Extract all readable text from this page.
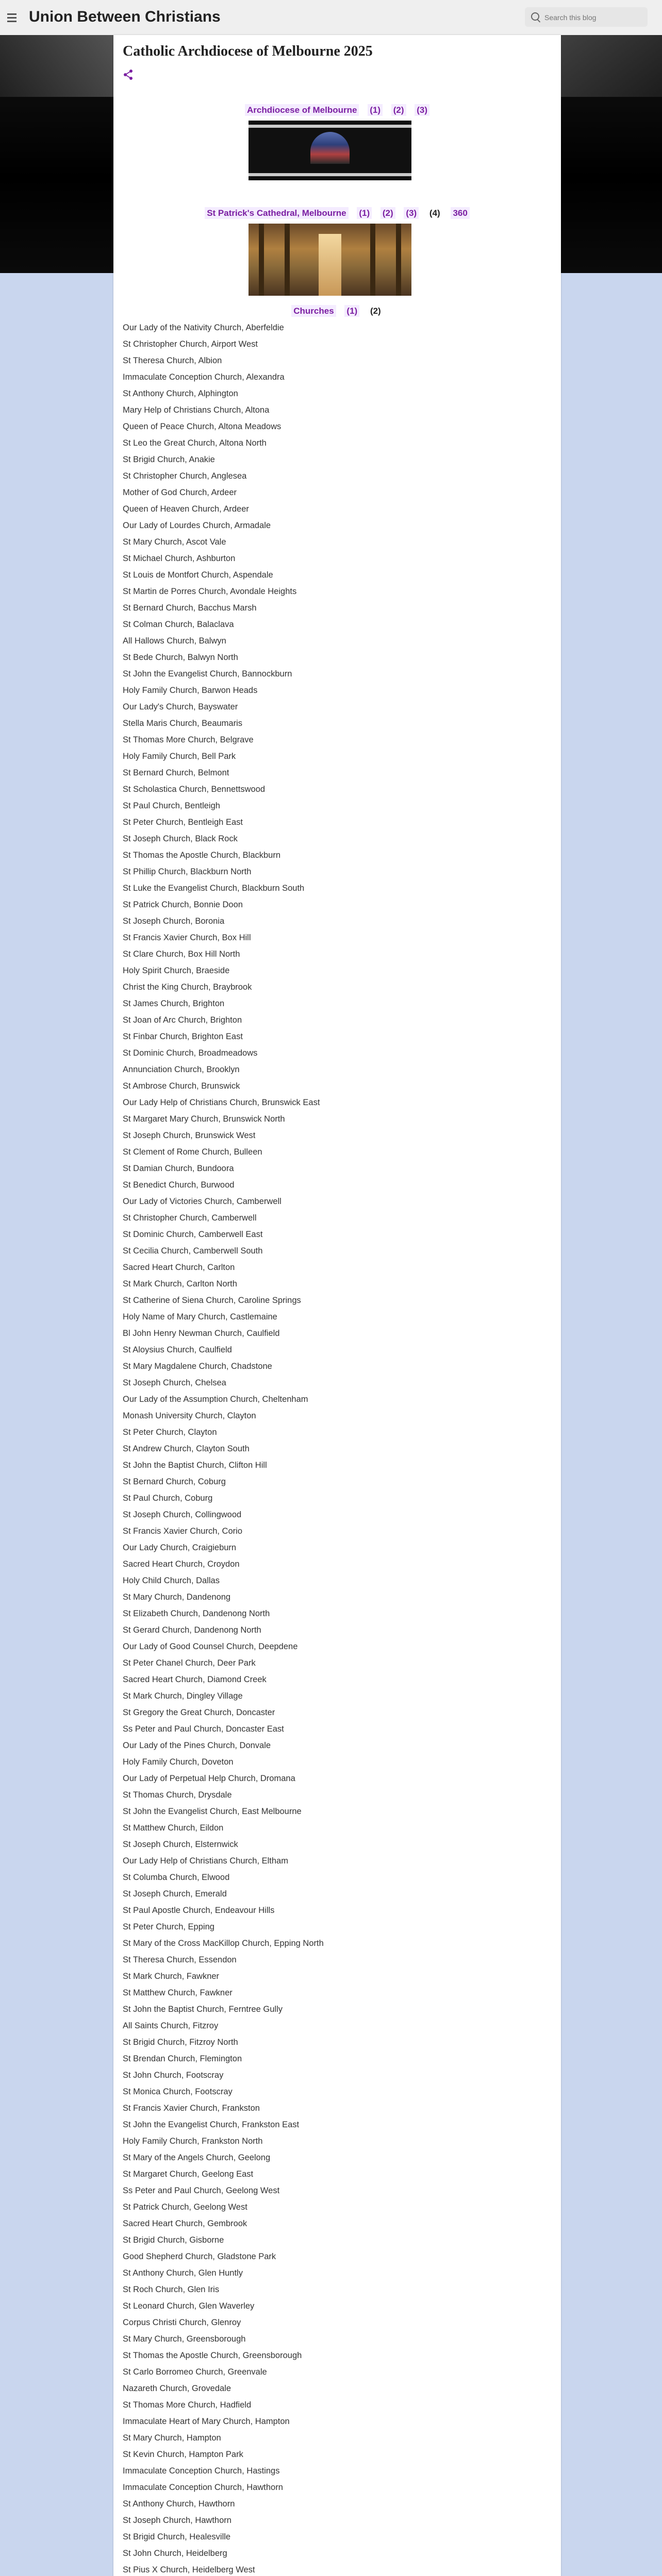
Union Between Christians
Search this blog
Catholic Archdiocese of Melbourne 2025
Archdiocese of Melbourne (1) (2) (3)
St Patrick's Cathedral, Melbourne (1) (2) (3) (4) 360
Churches (1) (2)
Our Lady of the Nativity Church, Aberfeldie
St Christopher Church, Airport West
St Theresa Church, Albion
Immaculate Conception Church, Alexandra
St Anthony Church, Alphington
Mary Help of Christians Church, Altona
Queen of Peace Church, Altona Meadows
St Leo the Great Church, Altona North
St Brigid Church, Anakie
St Christopher Church, Anglesea
Mother of God Church, Ardeer
Queen of Heaven Church, Ardeer
Our Lady of Lourdes Church, Armadale
St Mary Church, Ascot Vale
St Michael Church, Ashburton
St Louis de Montfort Church, Aspendale
St Martin de Porres Church, Avondale Heights
St Bernard Church, Bacchus Marsh
St Colman Church, Balaclava
All Hallows Church, Balwyn
St Bede Church, Balwyn North
St John the Evangelist Church, Bannockburn
Holy Family Church, Barwon Heads
Our Lady's Church, Bayswater
Stella Maris Church, Beaumaris
St Thomas More Church, Belgrave
Holy Family Church, Bell Park
St Bernard Church, Belmont
St Scholastica Church, Bennettswood
St Paul Church, Bentleigh
St Peter Church, Bentleigh East
St Joseph Church, Black Rock
St Thomas the Apostle Church, Blackburn
St Phillip Church, Blackburn North
St Luke the Evangelist Church, Blackburn South
St Patrick Church, Bonnie Doon
St Joseph Church, Boronia
St Francis Xavier Church, Box Hill
St Clare Church, Box Hill North
Holy Spirit Church, Braeside
Christ the King Church, Braybrook
St James Church, Brighton
St Joan of Arc Church, Brighton
St Finbar Church, Brighton East
St Dominic Church, Broadmeadows
Annunciation Church, Brooklyn
St Ambrose Church, Brunswick
Our Lady Help of Christians Church, Brunswick East
St Margaret Mary Church, Brunswick North
St Joseph Church, Brunswick West
St Clement of Rome Church, Bulleen
St Damian Church, Bundoora
St Benedict Church, Burwood
Our Lady of Victories Church, Camberwell
St Christopher Church, Camberwell
St Dominic Church, Camberwell East
St Cecilia Church, Camberwell South
Sacred Heart Church, Carlton
St Mark Church, Carlton North
St Catherine of Siena Church, Caroline Springs
Holy Name of Mary Church, Castlemaine
Bl John Henry Newman Church, Caulfield
St Aloysius Church, Caulfield
St Mary Magdalene Church, Chadstone
St Joseph Church, Chelsea
Our Lady of the Assumption Church, Cheltenham
Monash University Church, Clayton
St Peter Church, Clayton
St Andrew Church, Clayton South
St John the Baptist Church, Clifton Hill
St Bernard Church, Coburg
St Paul Church, Coburg
St Joseph Church, Collingwood
St Francis Xavier Church, Corio
Our Lady Church, Craigieburn
Sacred Heart Church, Croydon
Holy Child Church, Dallas
St Mary Church, Dandenong
St Elizabeth Church, Dandenong North
St Gerard Church, Dandenong North
Our Lady of Good Counsel Church, Deepdene
St Peter Chanel Church, Deer Park
Sacred Heart Church, Diamond Creek
St Mark Church, Dingley Village
St Gregory the Great Church, Doncaster
Ss Peter and Paul Church, Doncaster East
Our Lady of the Pines Church, Donvale
Holy Family Church, Doveton
Our Lady of Perpetual Help Church, Dromana
St Thomas Church, Drysdale
St John the Evangelist Church, East Melbourne
St Matthew Church, Eildon
St Joseph Church, Elsternwick
Our Lady Help of Christians Church, Eltham
St Columba Church, Elwood
St Joseph Church, Emerald
St Paul Apostle Church, Endeavour Hills
St Peter Church, Epping
St Mary of the Cross MacKillop Church, Epping North
St Theresa Church, Essendon
St Mark Church, Fawkner
St Matthew Church, Fawkner
St John the Baptist Church, Ferntree Gully
All Saints Church, Fitzroy
St Brigid Church, Fitzroy North
St Brendan Church, Flemington
St John Church, Footscray
St Monica Church, Footscray
St Francis Xavier Church, Frankston
St John the Evangelist Church, Frankston East
Holy Family Church, Frankston North
St Mary of the Angels Church, Geelong
St Margaret Church, Geelong East
Ss Peter and Paul Church, Geelong West
St Patrick Church, Geelong West
Sacred Heart Church, Gembrook
St Brigid Church, Gisborne
Good Shepherd Church, Gladstone Park
St Anthony Church, Glen Huntly
St Roch Church, Glen Iris
St Leonard Church, Glen Waverley
Corpus Christi Church, Glenroy
St Mary Church, Greensborough
St Thomas the Apostle Church, Greensborough
St Carlo Borromeo Church, Greenvale
Nazareth Church, Grovedale
St Thomas More Church, Hadfield
Immaculate Heart of Mary Church, Hampton
St Mary Church, Hampton
St Kevin Church, Hampton Park
Immaculate Conception Church, Hastings
Immaculate Conception Church, Hawthorn
St Anthony Church, Hawthorn
St Joseph Church, Hawthorn
St Brigid Church, Healesville
St John Church, Heidelberg
St Pius X Church, Heidelberg West
